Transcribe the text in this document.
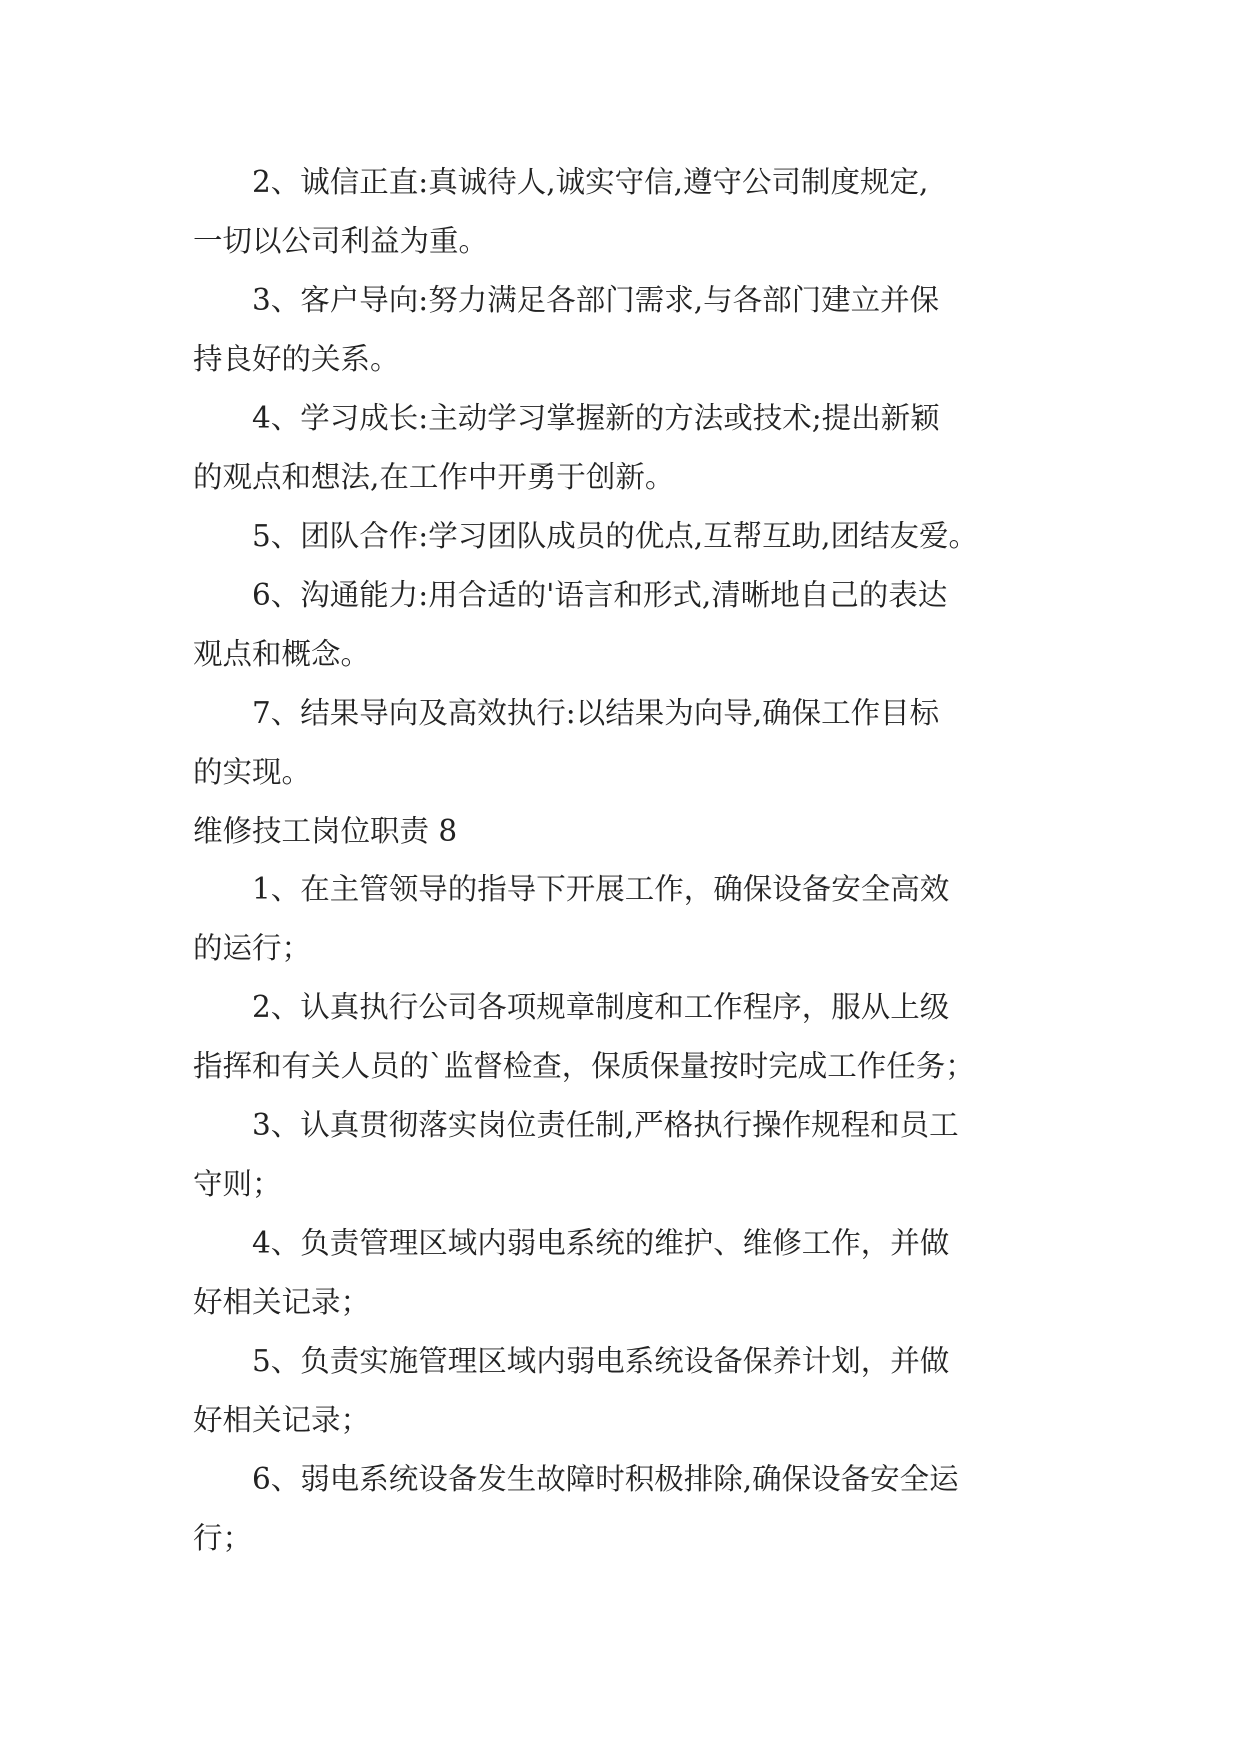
2、诚信正直:真诚待人,诚实守信,遵守公司制度规定,
一切以公司利益为重。
3、客户导向:努力满足各部门需求,与各部门建立并保
持良好的关系。
4、学习成长:主动学习掌握新的方法或技术;提出新颖
的观点和想法,在工作中开勇于创新。
5、团队合作:学习团队成员的优点,互帮互助,团结友爱。
6、沟通能力:用合适的'语言和形式,清晰地自己的表达
观点和概念。
7、结果导向及高效执行:以结果为向导,确保工作目标
的实现。
维修技工岗位职责 8
1、在主管领导的指导下开展工作，确保设备安全高效
的运行；
2、认真执行公司各项规章制度和工作程序，服从上级
指挥和有关人员的`监督检查，保质保量按时完成工作任务；
3、认真贯彻落实岗位责任制,严格执行操作规程和员工
守则；
4、负责管理区域内弱电系统的维护、维修工作，并做
好相关记录；
5、负责实施管理区域内弱电系统设备保养计划，并做
好相关记录；
6、弱电系统设备发生故障时积极排除,确保设备安全运
行；
